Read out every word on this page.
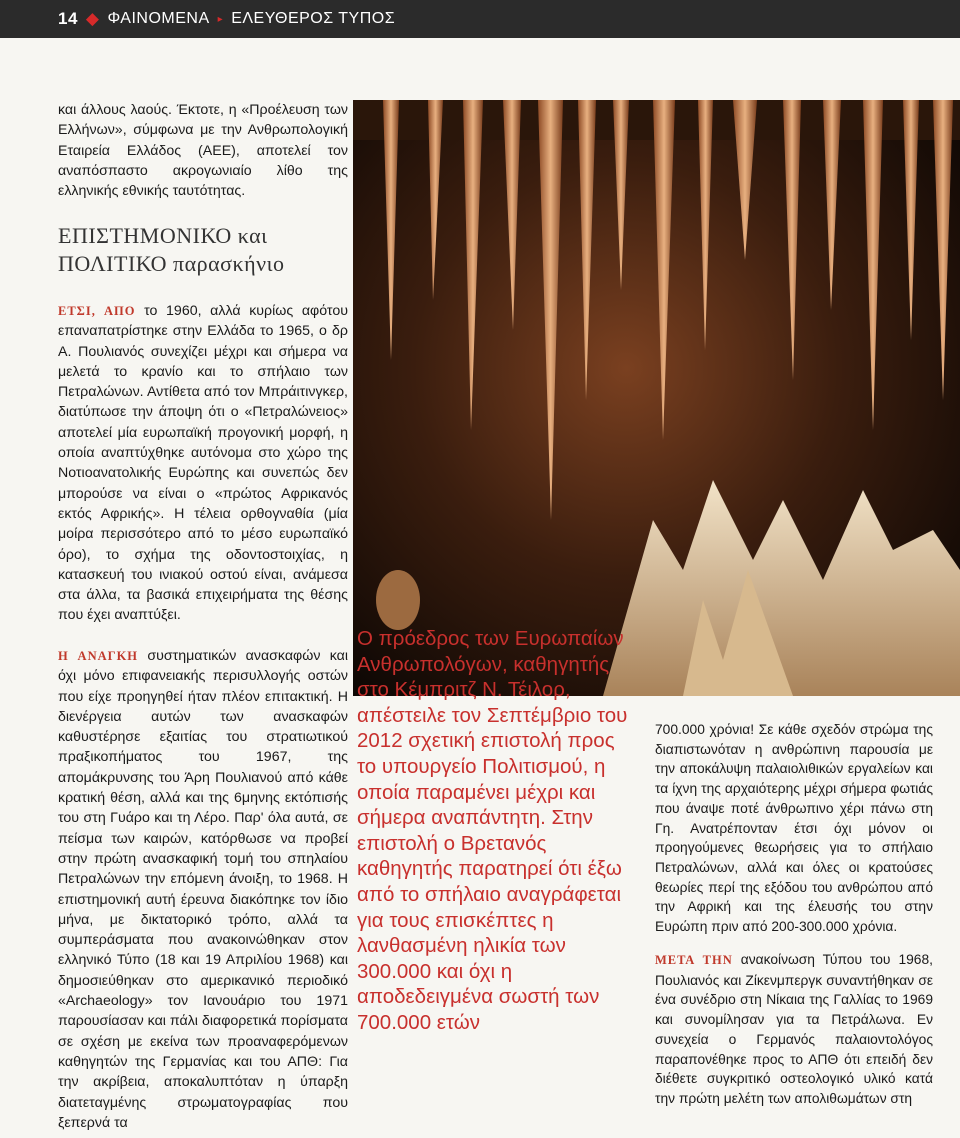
14 ◆ ΦΑΙΝΟΜΕΝΑ ▸ ΕΛΕΥΘΕΡΟΣ ΤΥΠΟΣ

και άλλους λαούς. Έκτοτε, η «Προέλευση των Ελλήνων», σύμφωνα με την Ανθρωπολογική Εταιρεία Ελλάδος (ΑΕΕ), αποτελεί τον αναπόσπαστο ακρογωνιαίο λίθο της ελληνικής εθνικής ταυτότητας.

ΕΠΙΣΤΗΜΟΝΙΚΟ και
ΠΟΛΙΤΙΚΟ παρασκήνιο

ΕΤΣΙ, ΑΠΟ το 1960, αλλά κυρίως αφότου επαναπατρίστηκε στην Ελλάδα το 1965, ο δρ Α. Πουλιανός συνεχίζει μέχρι και σήμερα να μελετά το κρανίο και το σπήλαιο των Πετραλώνων. Αντίθετα από τον Μπράιτινγκερ, διατύπωσε την άποψη ότι ο «Πετραλώνειος» αποτελεί μία ευρωπαϊκή προγονική μορφή, η οποία αναπτύχθηκε αυτόνομα στο χώρο της Νοτιοανατολικής Ευρώπης και συνεπώς δεν μπορούσε να είναι ο «πρώτος Αφρικανός εκτός Αφρικής». Η τέλεια ορθογναθία (μία μοίρα περισσότερο από το μέσο ευρωπαϊκό όρο), το σχήμα της οδοντοστοιχίας, η κατασκευή του ινιακού οστού είναι, ανάμεσα στα άλλα, τα βασικά επιχειρήματα της θέσης που έχει αναπτύξει.

Η ΑΝΑΓΚΗ συστηματικών ανασκαφών και όχι μόνο επιφανειακής περισυλλογής οστών που είχε προηγηθεί ήταν πλέον επιτακτική. Η διενέργεια αυτών των ανασκαφών καθυστέρησε εξαιτίας του στρατιωτικού πραξικοπήματος του 1967, της απομάκρυνσης του Άρη Πουλιανού από κάθε κρατική θέση, αλλά και της 6μηνης εκτόπισής του στη Γυάρο και τη Λέρο. Παρ' όλα αυτά, σε πείσμα των καιρών, κατόρθωσε να προβεί στην πρώτη ανασκαφική τομή του σπηλαίου Πετραλώνων την επόμενη άνοιξη, το 1968. Η επιστημονική αυτή έρευνα διακόπηκε τον ίδιο μήνα, με δικτατορικό τρόπο, αλλά τα συμπεράσματα που ανακοινώθηκαν στον ελληνικό Τύπο (18 και 19 Απριλίου 1968) και δημοσιεύθηκαν στο αμερικανικό περιοδικό «Archaeology» τον Ιανουάριο του 1971 παρουσίασαν και πάλι διαφορετικά πορίσματα σε σχέση με εκείνα των προαναφερόμενων καθηγητών της Γερμανίας και του ΑΠΘ: Για την ακρίβεια, αποκαλυπτόταν η ύπαρξη διατεταγμένης στρωματογραφίας που ξεπερνά τα

Ο πρόεδρος των Ευρωπαίων Ανθρωπολόγων, καθηγητής στο Κέμπριτζ Ν. Τέιλορ, απέστειλε τον Σεπτέμβριο του 2012 σχετική επιστολή προς το υπουργείο Πολιτισμού, η οποία παραμένει μέχρι και σήμερα αναπάντητη. Στην επιστολή ο Βρετανός καθηγητής παρατηρεί ότι έξω από το σπήλαιο αναγράφεται για τους επισκέπτες η λανθασμένη ηλικία των 300.000 και όχι η αποδεδειγμένα σωστή των 700.000 ετών

700.000 χρόνια! Σε κάθε σχεδόν στρώμα της διαπιστωνόταν η ανθρώπινη παρουσία με την αποκάλυψη παλαιολιθικών εργαλείων και τα ίχνη της αρχαιότερης μέχρι σήμερα φωτιάς που άναψε ποτέ άνθρωπινο χέρι πάνω στη Γη. Ανατρέπονταν έτσι όχι μόνον οι προηγούμενες θεωρήσεις για το σπήλαιο Πετραλώνων, αλλά και όλες οι κρατούσες θεωρίες περί της εξόδου του ανθρώπου από την Αφρική και της έλευσής του στην Ευρώπη πριν από 200-300.000 χρόνια.

ΜΕΤΑ ΤΗΝ ανακοίνωση Τύπου του 1968, Πουλιανός και Ζίκενμπεργκ συναντήθηκαν σε ένα συνέδριο στη Νίκαια της Γαλλίας το 1969 και συνομίλησαν για τα Πετράλωνα. Εν συνεχεία ο Γερμανός παλαιοντολόγος παραπονέθηκε προς το ΑΠΘ ότι επειδή δεν διέθετε συγκριτικό οστεολογικό υλικό κατά την πρώτη μελέτη των απολιθωμάτων στη
